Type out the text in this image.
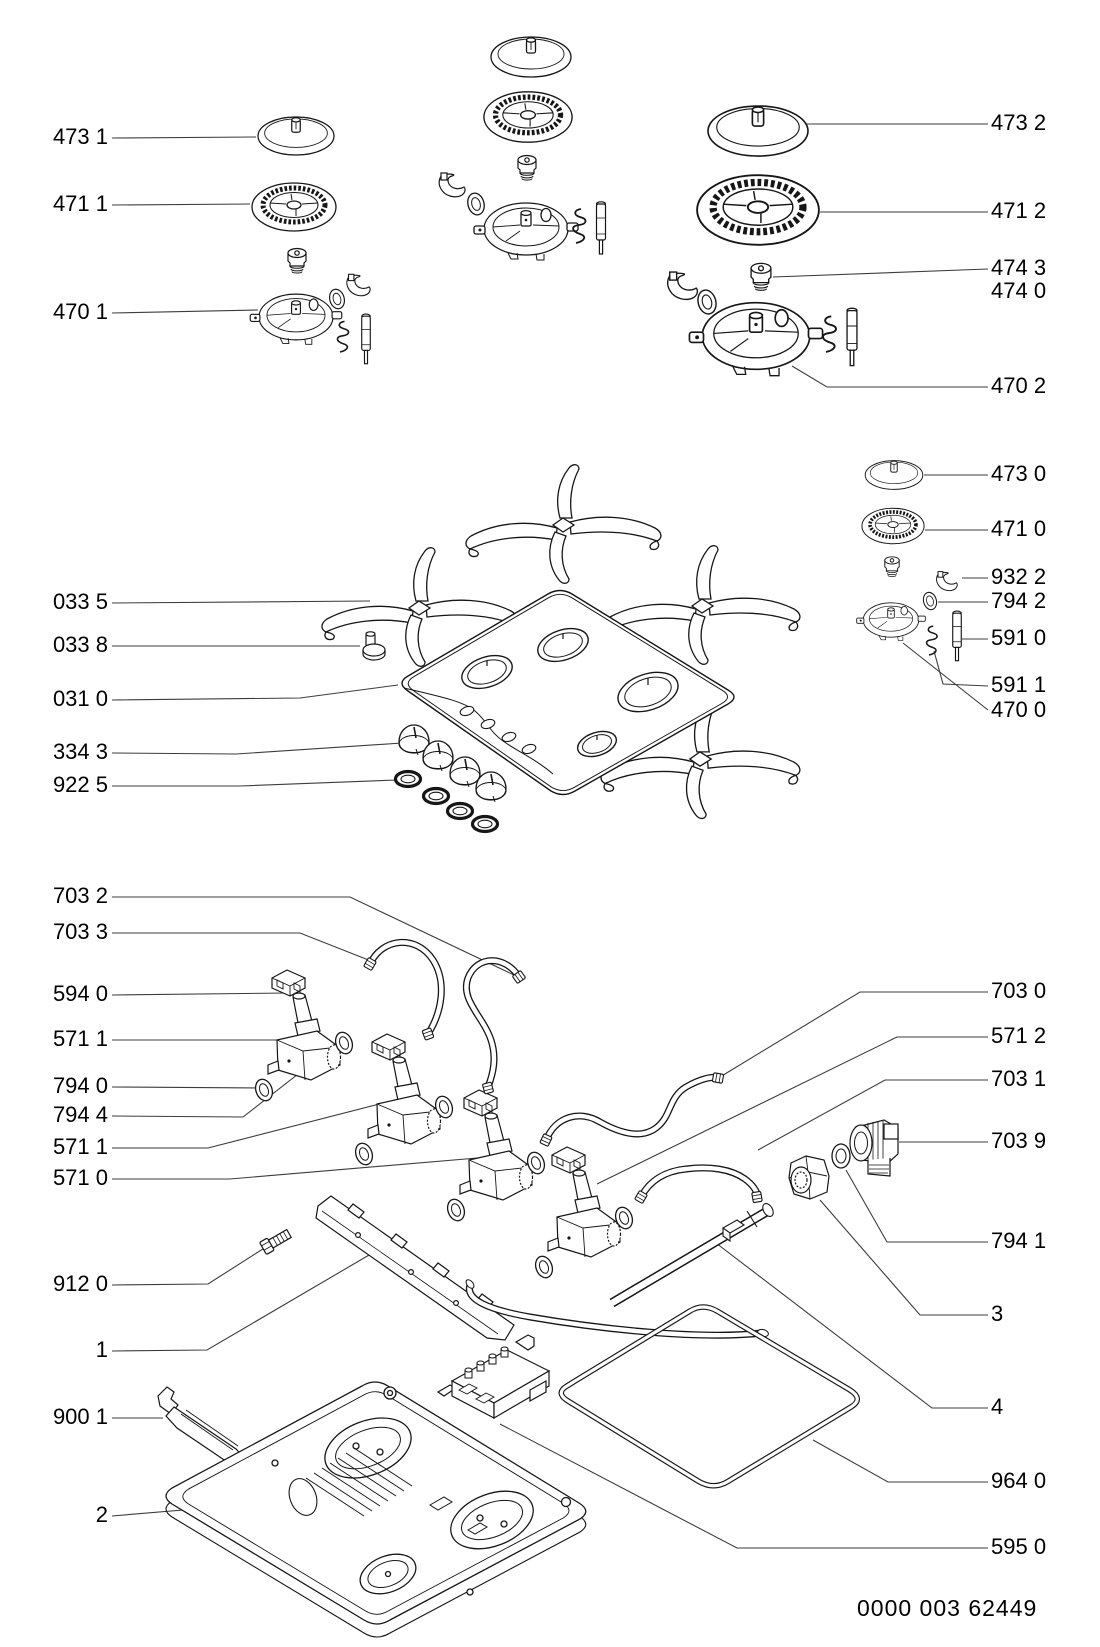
473 1
471 1
470 1
033 5
033 8
031 0
334 3
922 5
703 2
703 3
594 0
571 1
794 0
794 4
571 1
571 0
912 0
1
900 1
2
473 2
471 2
474 3
474 0
470 2
473 0
471 0
932 2
794 2
591 0
591 1
470 0
703 0
571 2
703 1
703 9
794 1
3
4
964 0
595 0
0000 003 62449
